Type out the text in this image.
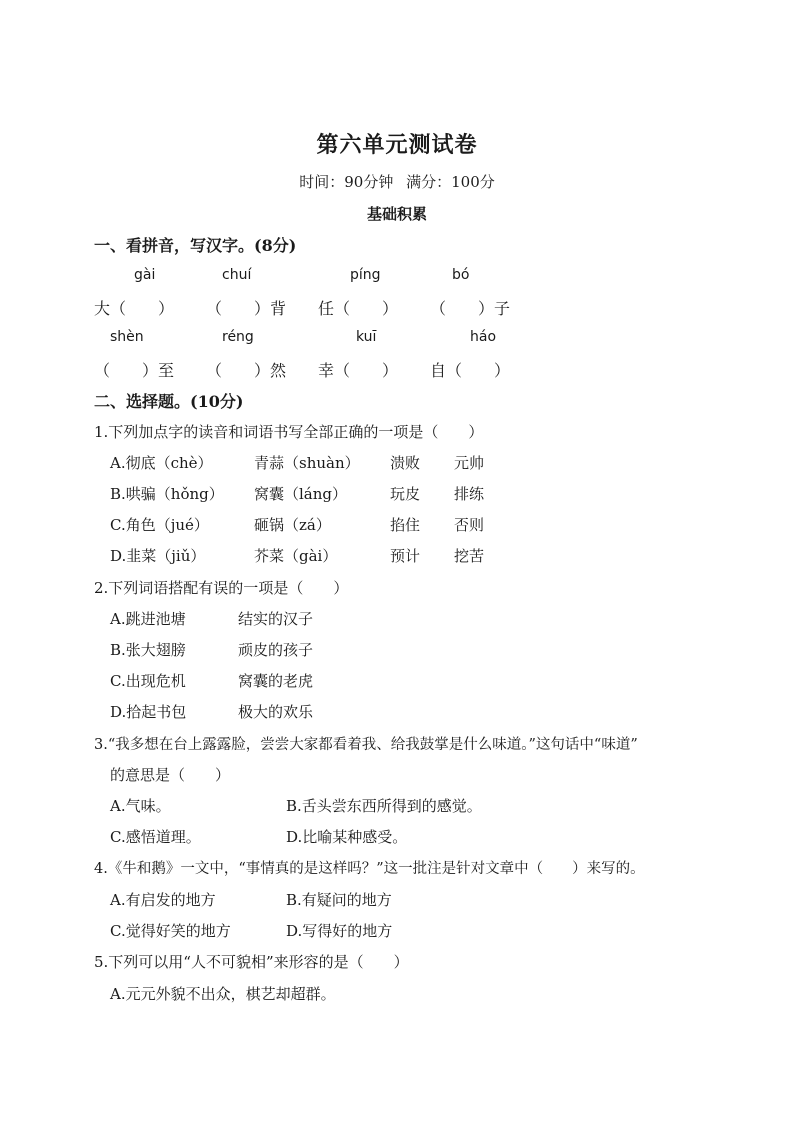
第六单元测试卷
时间：90分钟 满分：100分
基础积累
一、看拼音，写汉字。(8分)
gài	chuí	píng	bó
大（　　） （　　）背 任（　　） （　　）子
shèn	réng	kuī	háo
（　　）至 （　　）然 幸（　　） 自（　　）
二、选择题。(10分)
1.下列加点字的读音和词语书写全部正确的一项是（　　）
A.彻底（chè）	青蒜（shuàn） 溃败 元帅
B.哄骗（hǒng） 窝囊（láng）	玩皮 排练
C.角色（jué）	砸锅（zá）	掐住 否则
D.韭菜（jiǔ）	芥菜（gài）	预计 挖苦
2.下列词语搭配有误的一项是（　　）
A.跳进池塘	结实的汉子
B.张大翅膀	顽皮的孩子
C.出现危机	窝囊的老虎
D.拾起书包	极大的欢乐
3.“我多想在台上露露脸，尝尝大家都看着我、给我鼓掌是什么味道。”这句话中“味道”
的意思是（　　）
A.气味。	B.舌头尝东西所得到的感觉。
C.感悟道理。	D.比喻某种感受。
4.《牛和鹅》一文中，“事情真的是这样吗？”这一批注是针对文章中（　　）来写的。
A.有启发的地方	B.有疑问的地方
C.觉得好笑的地方	D.写得好的地方
5.下列可以用“人不可貌相”来形容的是（　　）
A.元元外貌不出众，棋艺却超群。
